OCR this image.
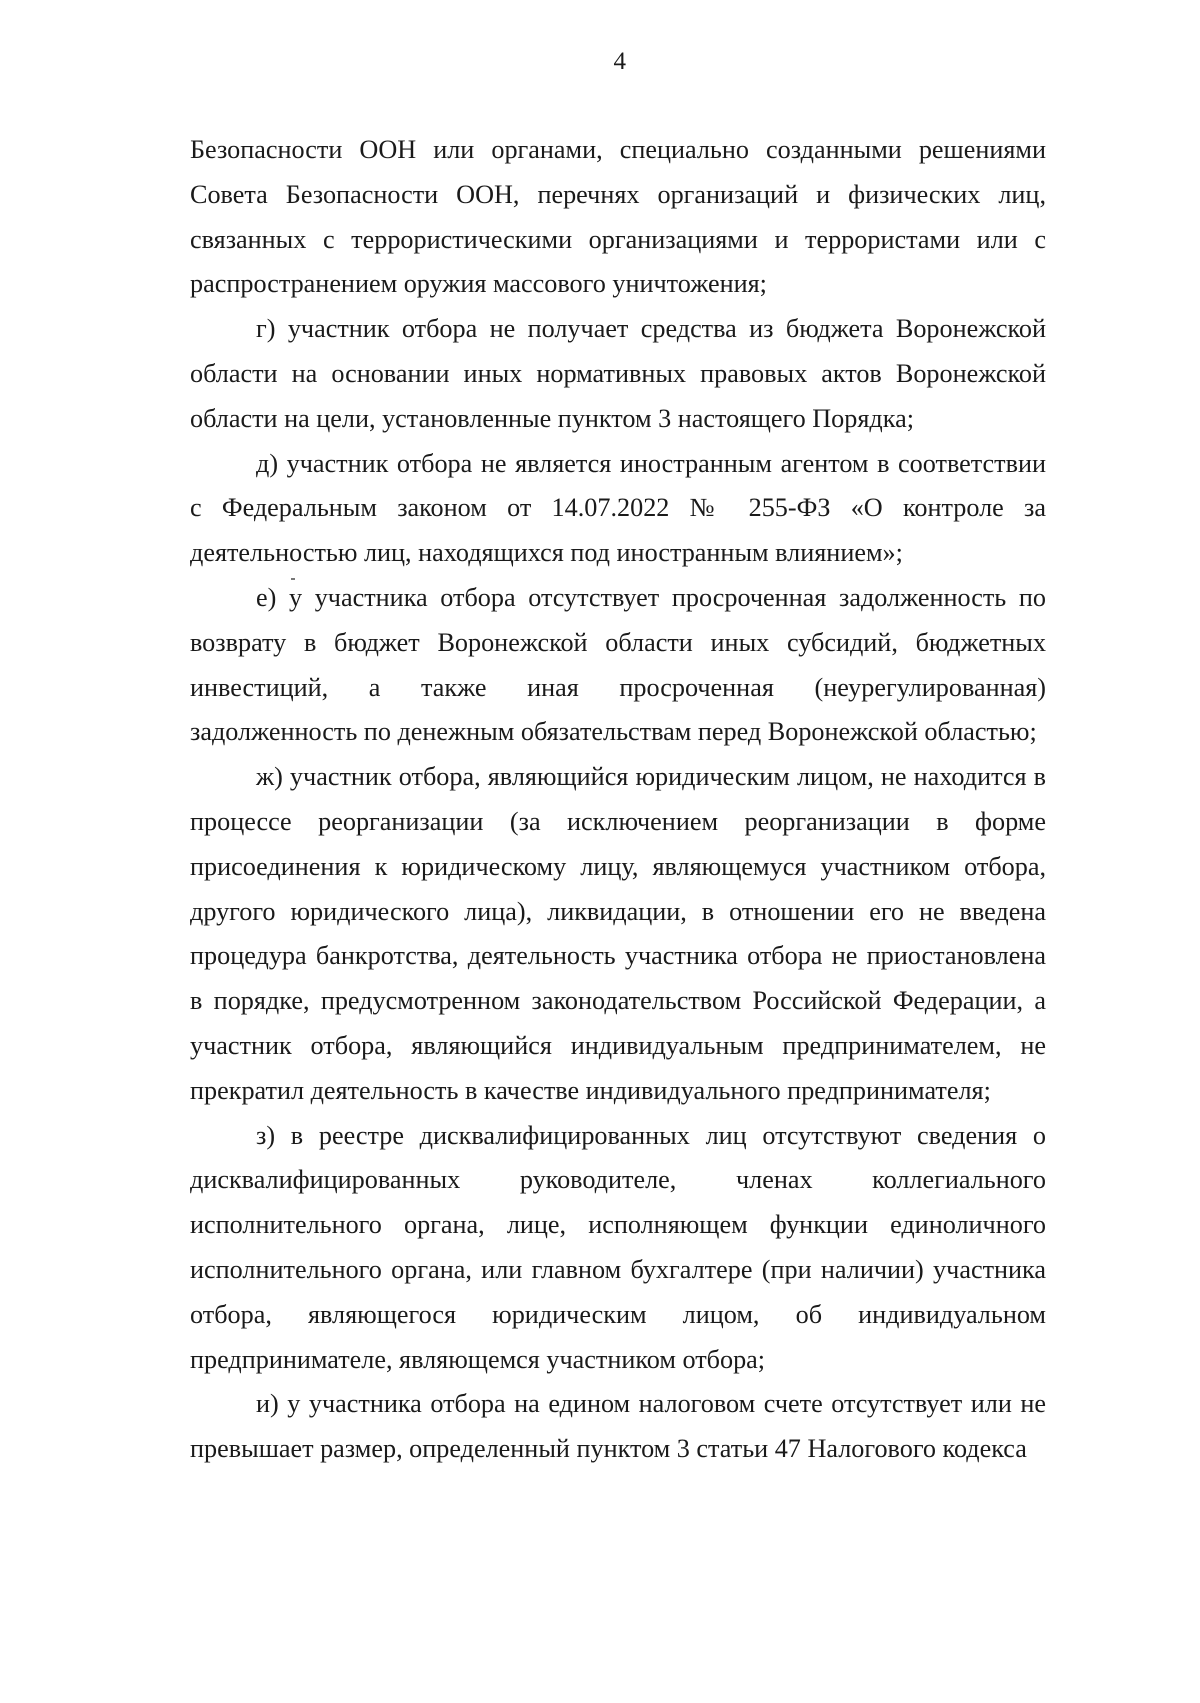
4

Безопасности ООН или органами, специально созданными решениями Совета Безопасности ООН, перечнях организаций и физических лиц, связанных с террористическими организациями и террористами или с распространением оружия массового уничтожения;

г) участник отбора не получает средства из бюджета Воронежской области на основании иных нормативных правовых актов Воронежской области на цели, установленные пунктом 3 настоящего Порядка;

д) участник отбора не является иностранным агентом в соответствии с Федеральным законом от 14.07.2022 № 255-ФЗ «О контроле за деятельностью лиц, находящихся под иностранным влиянием»;

е) у участника отбора отсутствует просроченная задолженность по возврату в бюджет Воронежской области иных субсидий, бюджетных инвестиций, а также иная просроченная (неурегулированная) задолженность по денежным обязательствам перед Воронежской областью;

ж) участник отбора, являющийся юридическим лицом, не находится в процессе реорганизации (за исключением реорганизации в форме присоединения к юридическому лицу, являющемуся участником отбора, другого юридического лица), ликвидации, в отношении его не введена процедура банкротства, деятельность участника отбора не приостановлена в порядке, предусмотренном законодательством Российской Федерации, а участник отбора, являющийся индивидуальным предпринимателем, не прекратил деятельность в качестве индивидуального предпринимателя;

з) в реестре дисквалифицированных лиц отсутствуют сведения о дисквалифицированных руководителе, членах коллегиального исполнительного органа, лице, исполняющем функции единоличного исполнительного органа, или главном бухгалтере (при наличии) участника отбора, являющегося юридическим лицом, об индивидуальном предпринимателе, являющемся участником отбора;

и) у участника отбора на едином налоговом счете отсутствует или не превышает размер, определенный пунктом 3 статьи 47 Налогового кодекса
